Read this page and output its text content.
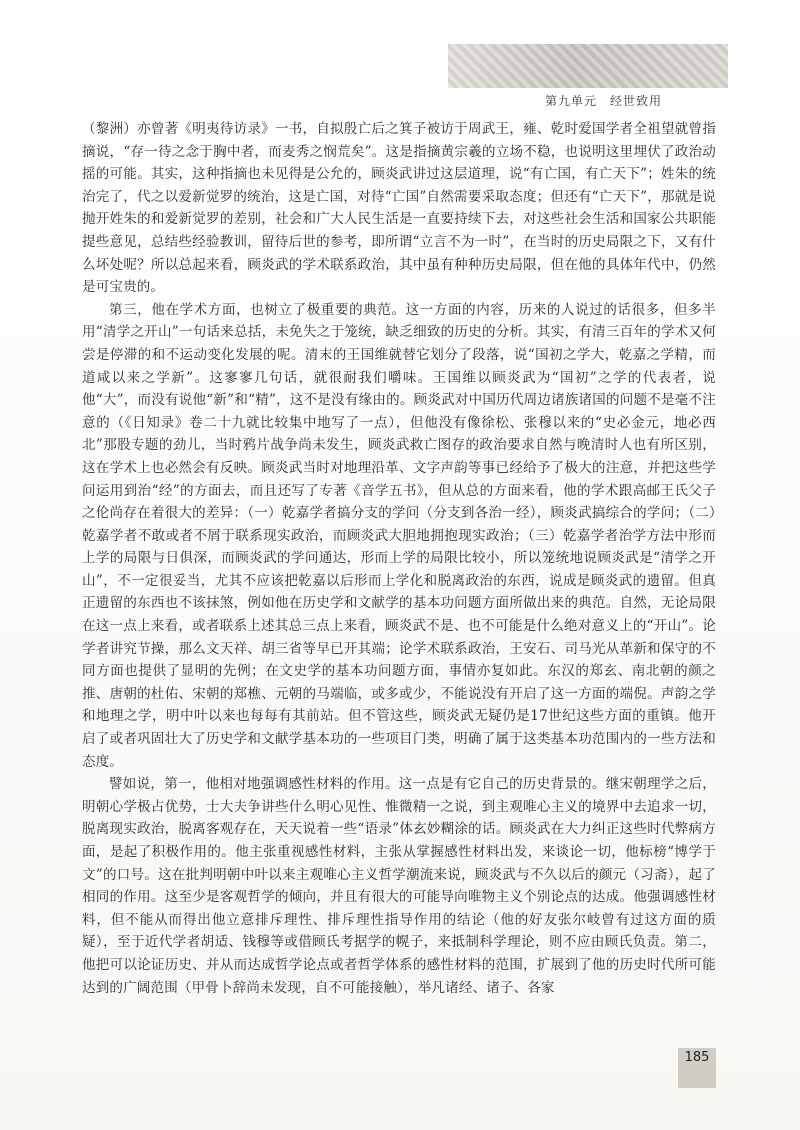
第九单元　经世致用

（黎洲）亦曾著《明夷待访录》一书，自拟殷亡后之箕子被访于周武王，雍、乾时爱国学者全祖望就曾指摘说，“存一待之念于胸中者，而麦秀之悯荒矣”。这是指摘黄宗羲的立场不稳，也说明这里埋伏了政治动摇的可能。其实，这种指摘也未见得是公允的，顾炎武讲过这层道理，说“有亡国，有亡天下”；姓朱的统治完了，代之以爱新觉罗的统治，这是亡国，对待“亡国”自然需要采取态度；但还有“亡天下”，那就是说抛开姓朱的和爱新觉罗的差别，社会和广大人民生活是一直要持续下去，对这些社会生活和国家公共职能提些意见，总结些经验教训，留待后世的参考，即所谓“立言不为一时”，在当时的历史局限之下，又有什么坏处呢？所以总起来看，顾炎武的学术联系政治，其中虽有种种历史局限，但在他的具体年代中，仍然是可宝贵的。

第三，他在学术方面，也树立了极重要的典范。这一方面的内容，历来的人说过的话很多，但多半用“清学之开山”一句话来总括，未免失之于笼统，缺乏细致的历史的分析。其实，有清三百年的学术又何尝是停滞的和不运动变化发展的呢。清末的王国维就替它划分了段落，说“国初之学大，乾嘉之学精，而道咸以来之学新”。这寥寥几句话，就很耐我们嚼味。王国维以顾炎武为“国初”之学的代表者，说他“大”，而没有说他“新”和“精”，这不是没有缘由的。顾炎武对中国历代周边诸族诸国的问题不是毫不注意的（《日知录》卷二十九就比较集中地写了一点），但他没有像徐松、张穆以来的“史必金元，地必西北”那股专题的劲儿，当时鸦片战争尚未发生，顾炎武救亡图存的政治要求自然与晚清时人也有所区别，这在学术上也必然会有反映。顾炎武当时对地理沿革、文字声韵等事已经给予了极大的注意，并把这些学问运用到治“经”的方面去，而且还写了专著《音学五书》，但从总的方面来看，他的学术跟高邮王氏父子之伦尚存在着很大的差异：（一）乾嘉学者搞分支的学问（分支到各治一经），顾炎武搞综合的学问；（二）乾嘉学者不敢或者不屑于联系现实政治，而顾炎武大胆地拥抱现实政治；（三）乾嘉学者治学方法中形而上学的局限与日俱深，而顾炎武的学问通达，形而上学的局限比较小，所以笼统地说顾炎武是“清学之开山”，不一定很妥当，尤其不应该把乾嘉以后形而上学化和脱离政治的东西，说成是顾炎武的遗留。但真正遗留的东西也不该抹煞，例如他在历史学和文献学的基本功问题方面所做出来的典范。自然，无论局限在这一点上来看，或者联系上述其总三点上来看，顾炎武不是、也不可能是什么绝对意义上的“开山”。论学者讲究节操，那么文天祥、胡三省等早已开其端；论学术联系政治，王安石、司马光从革新和保守的不同方面也提供了显明的先例；在文史学的基本功问题方面，事情亦复如此。东汉的郑玄、南北朝的颜之推、唐朝的杜佑、宋朝的郑樵、元朝的马端临，或多或少，不能说没有开启了这一方面的端倪。声韵之学和地理之学，明中叶以来也每每有其前站。但不管这些，顾炎武无疑仍是17世纪这些方面的重镇。他开启了或者巩固壮大了历史学和文献学基本功的一些项目门类，明确了属于这类基本功范围内的一些方法和态度。

譬如说，第一，他相对地强调感性材料的作用。这一点是有它自己的历史背景的。继宋朝理学之后，明朝心学极占优势，士大夫争讲些什么明心见性、惟微精一之说，到主观唯心主义的境界中去追求一切，脱离现实政治，脱离客观存在，天天说着一些“语录”体玄妙糊涂的话。顾炎武在大力纠正这些时代弊病方面，是起了积极作用的。他主张重视感性材料，主张从掌握感性材料出发，来谈论一切，他标榜“博学于文”的口号。这在批判明朝中叶以来主观唯心主义哲学潮流来说，顾炎武与不久以后的颜元（习斋），起了相同的作用。这至少是客观哲学的倾向，并且有很大的可能导向唯物主义个别论点的达成。他强调感性材料，但不能从而得出他立意排斥理性、排斥理性指导作用的结论（他的好友张尔岐曾有过这方面的质疑），至于近代学者胡适、钱穆等或借顾氏考据学的幌子，来抵制科学理论，则不应由顾氏负责。第二，他把可以论证历史、并从而达成哲学论点或者哲学体系的感性材料的范围，扩展到了他的历史时代所可能达到的广阔范围（甲骨卜辞尚未发现，自不可能接触），举凡诸经、诸子、各家

185
